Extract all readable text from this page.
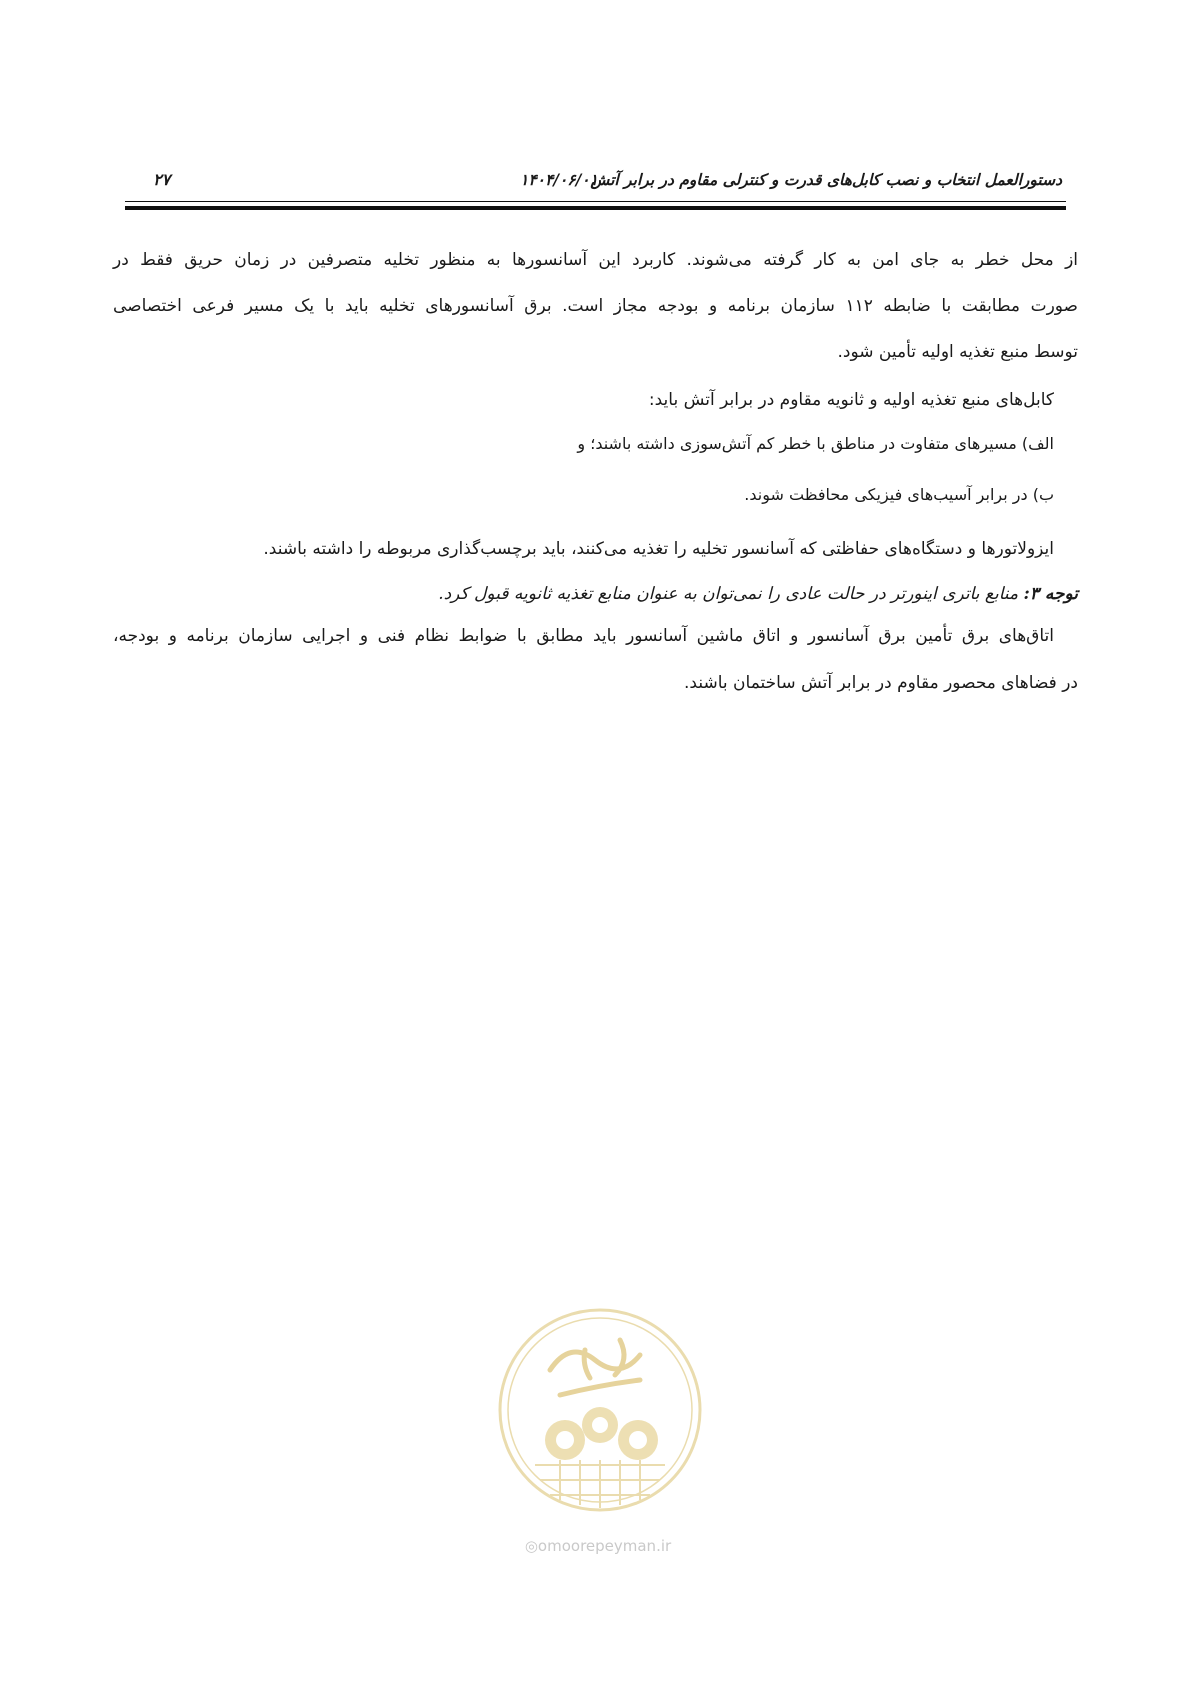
دستورالعمل انتخاب و نصب کابل‌های قدرت و کنترلی مقاوم در برابر آتش
۱۴۰۴/۰۶/۰۱
۲۷
از محل خطر به جای امن به کار گرفته می‌شوند. کاربرد این آسانسورها به منظور تخلیه متصرفین در زمان حریق فقط در
صورت مطابقت با ضابطه ۱۱۲ سازمان برنامه و بودجه مجاز است. برق آسانسورهای تخلیه باید با یک مسیر فرعی اختصاصی
توسط منبع تغذیه اولیه تأمین شود.
کابل‌های منبع تغذیه اولیه و ثانویه مقاوم در برابر آتش باید:
الف) مسیرهای متفاوت در مناطق با خطر کم آتش‌سوزی داشته باشند؛ و
ب) در برابر آسیب‌های فیزیکی محافظت شوند.
ایزولاتورها و دستگاه‌های حفاظتی که آسانسور تخلیه را تغذیه می‌کنند، باید برچسب‌گذاری مربوطه را داشته باشند.
توجه ۳: منابع باتری اینورتر در حالت عادی را نمی‌توان به عنوان منابع تغذیه ثانویه قبول کرد.
اتاق‌های برق تأمین برق آسانسور و اتاق ماشین آسانسور باید مطابق با ضوابط نظام فنی و اجرایی سازمان برنامه و بودجه،
در فضاهای محصور مقاوم در برابر آتش ساختمان باشند.
◎omoorepeyman.ir
